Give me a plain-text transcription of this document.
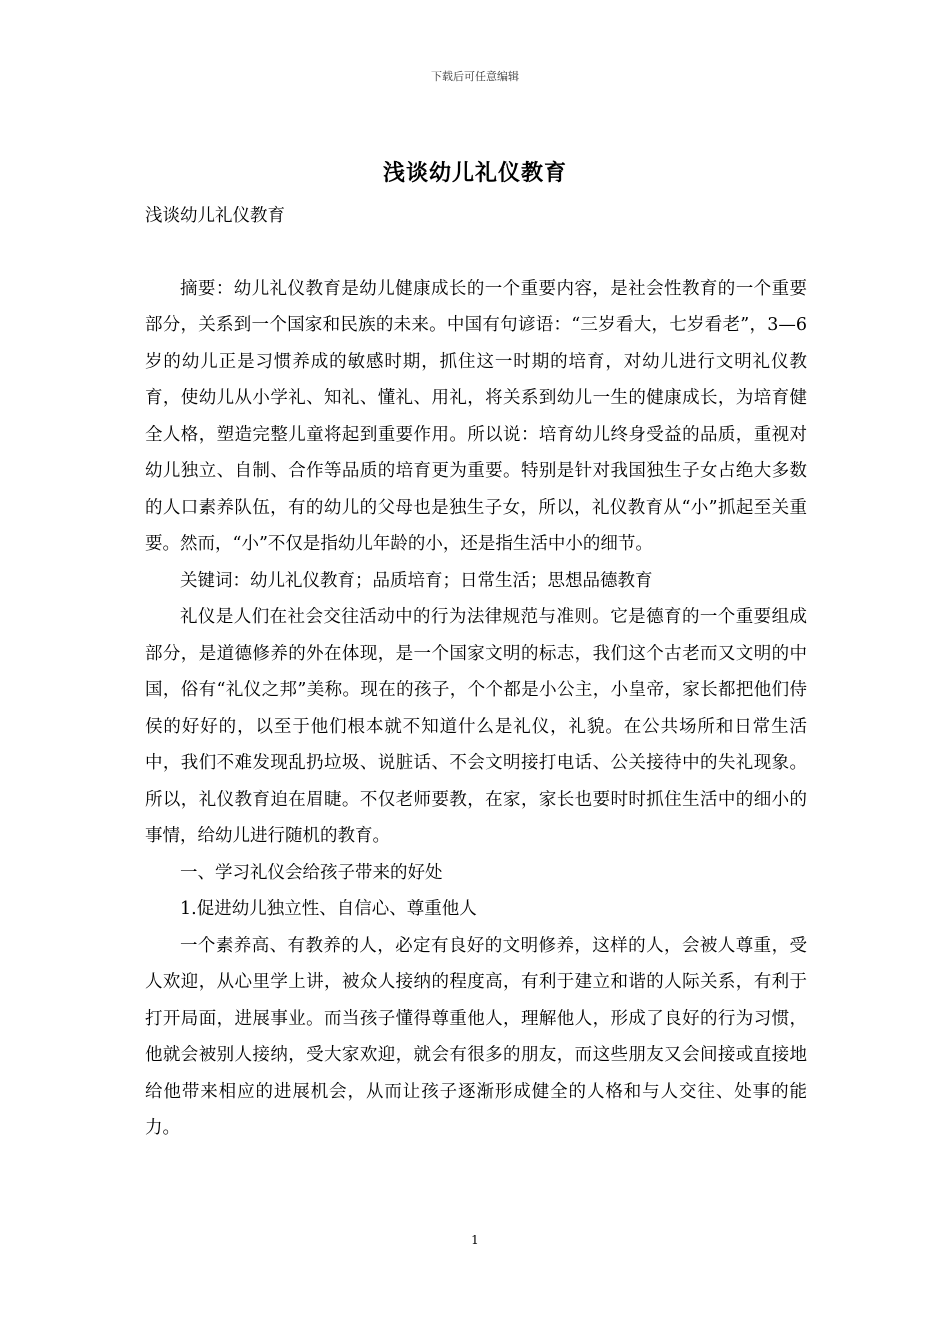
下载后可任意编辑
浅谈幼儿礼仪教育

浅谈幼儿礼仪教育

摘要：幼儿礼仪教育是幼儿健康成长的一个重要内容，是社会性教育的一个重要部分，关系到一个国家和民族的未来。中国有句谚语：“三岁看大，七岁看老”，3—6岁的幼儿正是习惯养成的敏感时期，抓住这一时期的培育，对幼儿进行文明礼仪教育，使幼儿从小学礼、知礼、懂礼、用礼，将关系到幼儿一生的健康成长，为培育健全人格，塑造完整儿童将起到重要作用。所以说：培育幼儿终身受益的品质，重视对幼儿独立、自制、合作等品质的培育更为重要。特别是针对我国独生子女占绝大多数的人口素养队伍，有的幼儿的父母也是独生子女，所以，礼仪教育从“小”抓起至关重要。然而，“小”不仅是指幼儿年龄的小，还是指生活中小的细节。

关键词：幼儿礼仪教育；品质培育；日常生活；思想品德教育

礼仪是人们在社会交往活动中的行为法律规范与准则。它是德育的一个重要组成部分，是道德修养的外在体现，是一个国家文明的标志，我们这个古老而又文明的中国，俗有“礼仪之邦”美称。现在的孩子，个个都是小公主，小皇帝，家长都把他们侍侯的好好的，以至于他们根本就不知道什么是礼仪，礼貌。在公共场所和日常生活中，我们不难发现乱扔垃圾、说脏话、不会文明接打电话、公关接待中的失礼现象。所以，礼仪教育迫在眉睫。不仅老师要教，在家，家长也要时时抓住生活中的细小的事情，给幼儿进行随机的教育。

一、学习礼仪会给孩子带来的好处

1.促进幼儿独立性、自信心、尊重他人

一个素养高、有教养的人，必定有良好的文明修养，这样的人，会被人尊重，受人欢迎，从心里学上讲，被众人接纳的程度高，有利于建立和谐的人际关系，有利于打开局面，进展事业。而当孩子懂得尊重他人，理解他人，形成了良好的行为习惯，他就会被别人接纳，受大家欢迎，就会有很多的朋友，而这些朋友又会间接或直接地给他带来相应的进展机会，从而让孩子逐渐形成健全的人格和与人交往、处事的能力。

1
